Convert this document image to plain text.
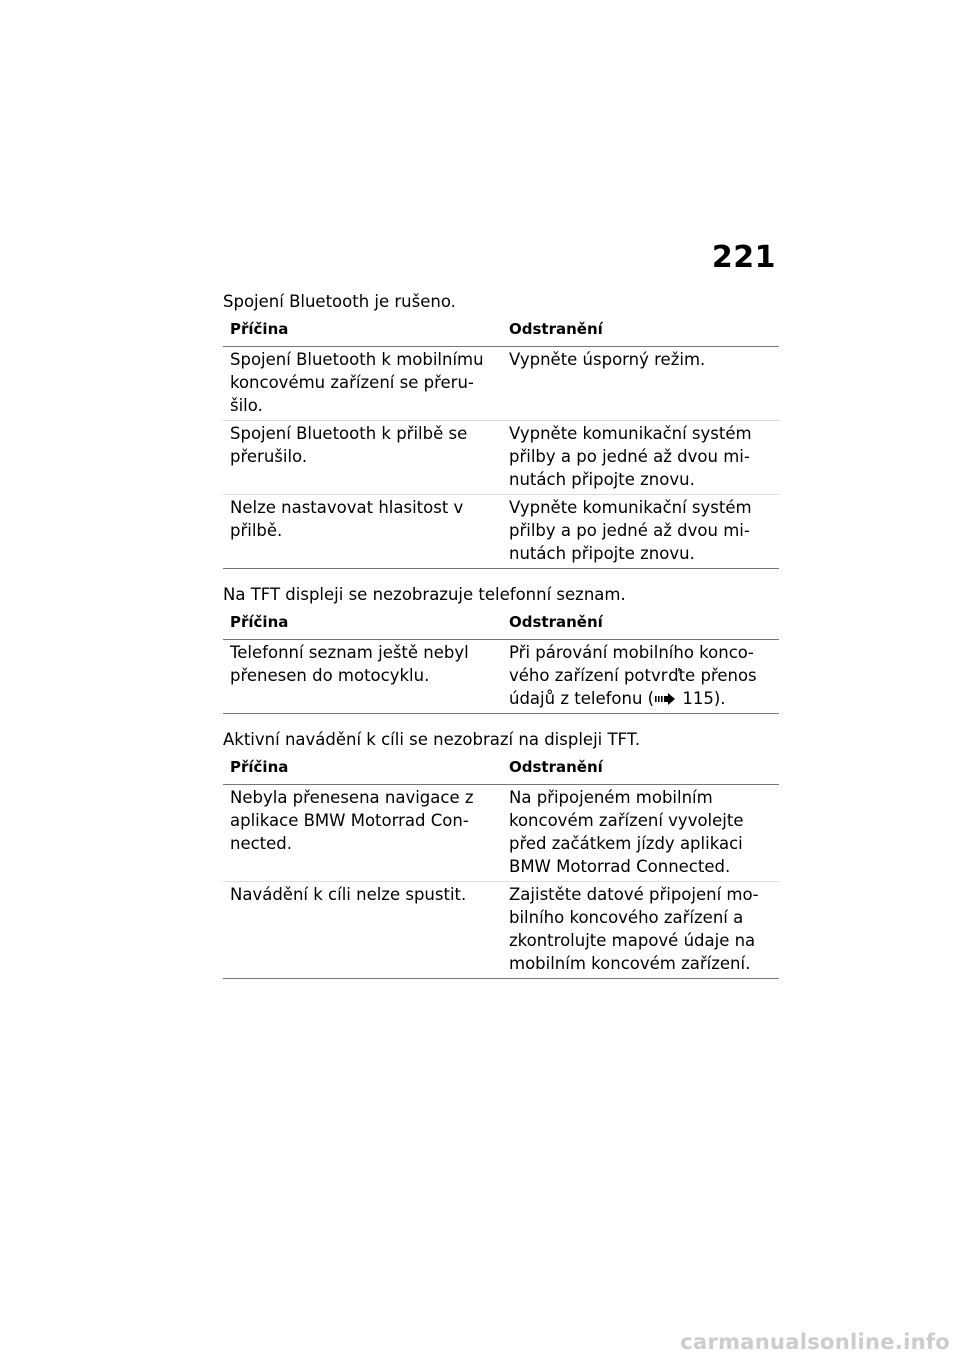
221
Spojení Bluetooth je rušeno.
Příčina	Odstranění
Spojení Bluetooth k mobilnímu koncovému zařízení se přerušilo.	Vypněte úsporný režim.
Spojení Bluetooth k přilbě se přerušilo.	Vypněte komunikační systém přilby a po jedné až dvou minutách připojte znovu.
Nelze nastavovat hlasitost v přilbě.	Vypněte komunikační systém přilby a po jedné až dvou minutách připojte znovu.
Na TFT displeji se nezobrazuje telefonní seznam.
Příčina	Odstranění
Telefonní seznam ještě nebyl přenesen do motocyklu.	Při párování mobilního koncového zařízení potvrďte přenos údajů z telefonu ( 115).
Aktivní navádění k cíli se nezobrazí na displeji TFT.
Příčina	Odstranění
Nebyla přenesena navigace z aplikace BMW Motorrad Connected.	Na připojeném mobilním koncovém zařízení vyvolejte před začátkem jízdy aplikaci BMW Motorrad Connected.
Navádění k cíli nelze spustit.	Zajistěte datové připojení mobilního koncového zařízení a zkontrolujte mapové údaje na mobilním koncovém zařízení.
carmanualsonline.info
